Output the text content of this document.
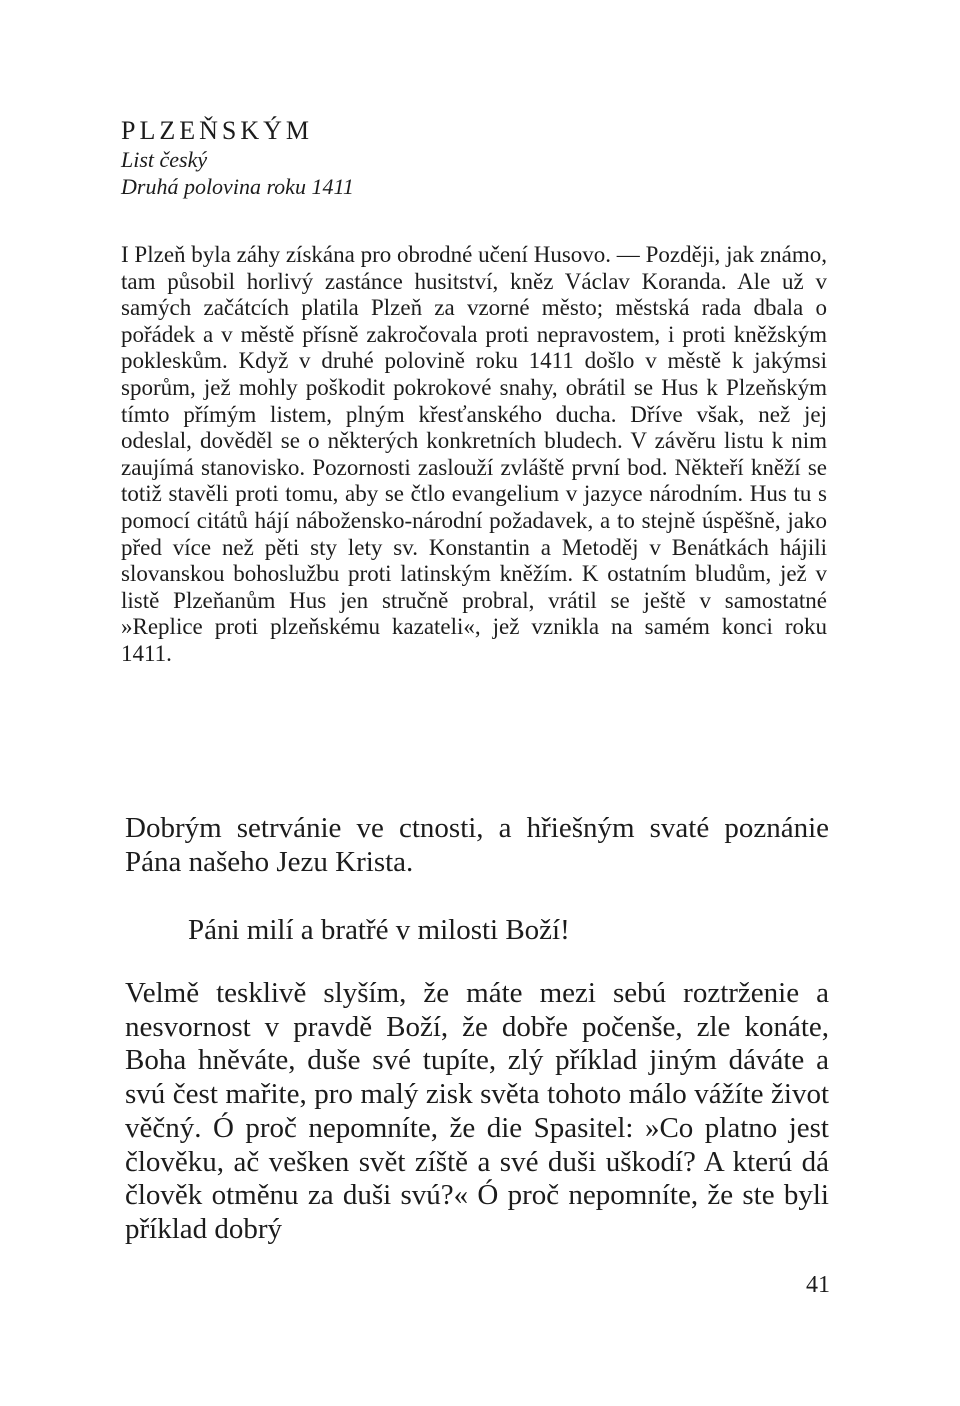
PLZEŇSKÝM

List český

Druhá polovina roku 1411

I Plzeň byla záhy získána pro obrodné učení Husovo. — Později, jak známo, tam působil horlivý zastánce husitství, kněz Václav Koranda. Ale už v samých začátcích platila Plzeň za vzorné město; městská rada dbala o pořádek a v městě přísně zakročovala proti nepravostem, i proti kněžským pokleskům. Když v druhé polovině roku 1411 došlo v městě k jakýmsi sporům, jež mohly poškodit pokrokové snahy, obrátil se Hus k Plzeňským tímto přímým listem, plným křesťanského ducha. Dříve však, než jej odeslal, dověděl se o některých konkretních bludech. V závěru listu k nim zaujímá stanovisko. Pozornosti zaslouží zvláště první bod. Někteří kněží se totiž stavěli proti tomu, aby se čtlo evangelium v jazyce národním. Hus tu s pomocí citátů hájí nábožensko-národní požadavek, a to stejně úspěšně, jako před více než pěti sty lety sv. Konstantin a Metoděj v Benátkách hájili slovanskou bohoslužbu proti latinským kněžím. K ostatním bludům, jež v listě Plzeňanům Hus jen stručně probral, vrátil se ještě v samostatné »Replice proti plzeňskému kazateli«, jež vznikla na samém konci roku 1411.

Dobrým setrvánie ve ctnosti, a hřiešným svaté poznánie Pána našeho Jezu Krista.

Páni milí a bratřé v milosti Boží!

Velmě tesklivě slyším, že máte mezi sebú roztrženie a nesvornost v pravdě Boží, že dobře počenše, zle konáte, Boha hněváte, duše své tupíte, zlý příklad jiným dáváte a svú čest mařite, pro malý zisk světa tohoto málo vážíte život věčný. Ó proč nepomníte, že die Spasitel: »Co platno jest člověku, ač vešken svět zíště a své duši uškodí? A kterú dá člověk otměnu za duši svú?« Ó proč nepomníte, že ste byli příklad dobrý

41
